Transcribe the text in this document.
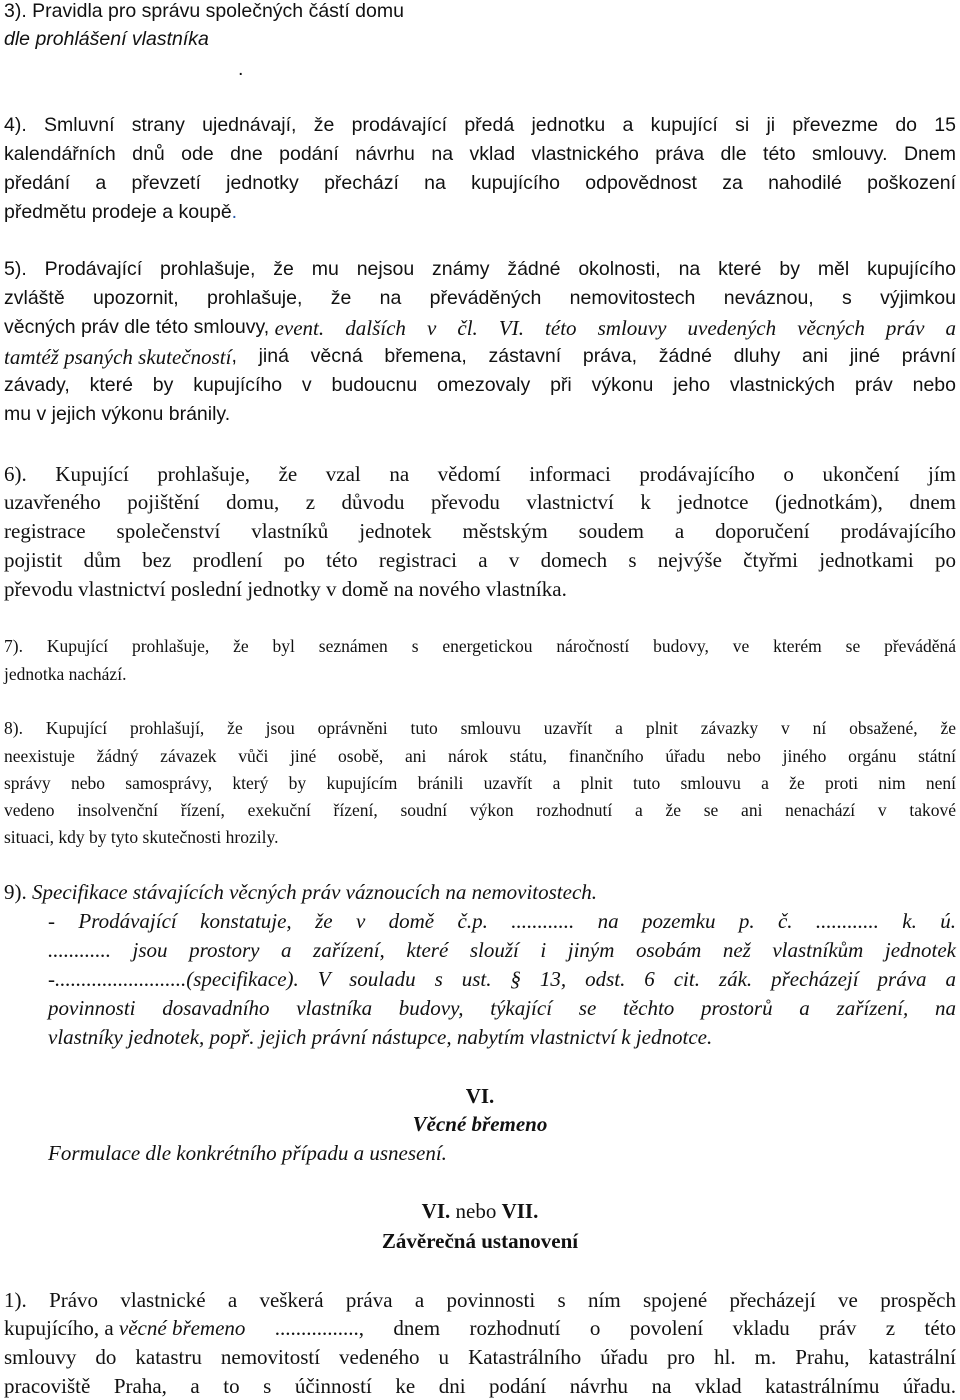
3). Pravidla pro správu společných částí domu
dle prohlášení vlastníka
.
4). Smluvní strany ujednávají, že prodávající předá jednotku a kupující si ji převezme do 15
kalendářních dnů ode dne podání návrhu na vklad vlastnického práva dle této smlouvy. Dnem
předání a převzetí jednotky přechází na kupujícího odpovědnost za nahodilé poškození
předmětu prodeje a koupě.
5). Prodávající prohlašuje, že mu nejsou známy žádné okolnosti, na které by měl kupujícího
zvláště upozornit, prohlašuje, že na převáděných nemovitostech neváznou, s výjimkou
věcných práv dle této smlouvy, event. dalších v čl. VI. této smlouvy uvedených věcných práv a
tamtéž psaných skutečností , jiná věcná břemena, zástavní práva, žádné dluhy ani jiné právní
závady, které by kupujícího v budoucnu omezovaly při výkonu jeho vlastnických práv nebo
mu v jejich výkonu bránily.
6). Kupující prohlašuje, že vzal na vědomí informaci prodávajícího o ukončení jím
uzavřeného pojištění domu, z důvodu převodu vlastnictví k jednotce (jednotkám), dnem
registrace společenství vlastníků jednotek městským soudem a doporučení prodávajícího
pojistit dům bez prodlení po této registraci a v domech s nejvýše čtyřmi jednotkami po
převodu vlastnictví poslední jednotky v domě na nového vlastníka.
7). Kupující prohlašuje, že byl seznámen s energetickou náročností budovy, ve kterém se převáděná
jednotka nachází.
8). Kupující prohlašují, že jsou oprávněni tuto smlouvu uzavřít a plnit závazky v ní obsažené, že
neexistuje žádný závazek vůči jiné osobě, ani nárok státu, finančního úřadu nebo jiného orgánu státní
správy nebo samosprávy, který by kupujícím bránili uzavřít a plnit tuto smlouvu a že proti nim není
vedeno insolvenční řízení, exekuční řízení, soudní výkon rozhodnutí a že se ani nenachází v takové
situaci, kdy by tyto skutečnosti hrozily.
9). Specifikace stávajících věcných práv váznoucích na nemovitostech.
- Prodávající konstatuje, že v domě č.p. ............ na pozemku p. č. ............ k. ú.
............ jsou prostory a zařízení, které slouží i jiným osobám než vlastníkům jednotek
-.........................(specifikace). V souladu s ust. § 13, odst. 6 cit. zák. přecházejí práva a
povinnosti dosavadního vlastníka budovy, týkající se těchto prostorů a zařízení, na
vlastníky jednotek, popř. jejich právní nástupce, nabytím vlastnictví k jednotce.
VI.
Věcné břemeno
Formulace dle konkrétního případu a usnesení.
VI. nebo VII.
Závěrečná ustanovení
1). Právo vlastnické a veškerá práva a povinnosti s ním spojené přecházejí ve prospěch
kupujícího, a věcné břemeno ................, dnem rozhodnutí o povolení vkladu práv z této
smlouvy do katastru nemovitostí vedeného u Katastrálního úřadu pro hl. m. Prahu, katastrální
pracoviště Praha, a to s účinností ke dni podání návrhu na vklad katastrálnímu úřadu.
